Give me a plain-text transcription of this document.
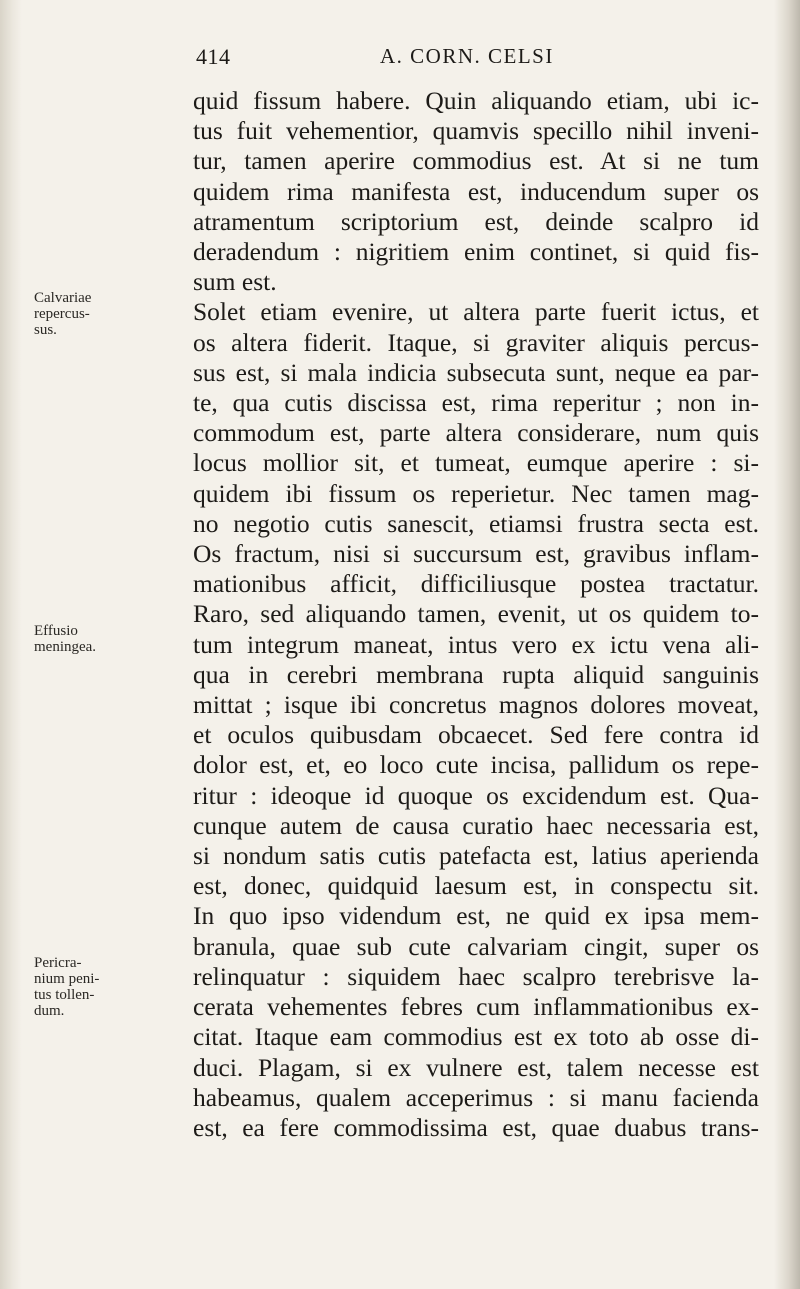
414	A. CORN. CELSI
quid fissum habere. Quin aliquando etiam, ubi ic-
tus fuit vehementior, quamvis specillo nihil inveni-
tur, tamen aperire commodius est. At si ne tum
quidem rima manifesta est, inducendum super os
atramentum scriptorium est, deinde scalpro id
deradendum : nigritiem enim continet, si quid fis-
sum est.
Solet etiam evenire, ut altera parte fuerit ictus, et
os altera fiderit. Itaque, si graviter aliquis percus-
sus est, si mala indicia subsecuta sunt, neque ea par-
te, qua cutis discissa est, rima reperitur ; non in-
commodum est, parte altera considerare, num quis
locus mollior sit, et tumeat, eumque aperire : si-
quidem ibi fissum os reperietur. Nec tamen mag-
no negotio cutis sanescit, etiamsi frustra secta est.
Os fractum, nisi si succursum est, gravibus inflam-
mationibus afficit, difficiliusque postea tractatur.
Raro, sed aliquando tamen, evenit, ut os quidem to-
tum integrum maneat, intus vero ex ictu vena ali-
qua in cerebri membrana rupta aliquid sanguinis
mittat ; isque ibi concretus magnos dolores moveat,
et oculos quibusdam obcaecet. Sed fere contra id
dolor est, et, eo loco cute incisa, pallidum os repe-
ritur : ideoque id quoque os excidendum est. Qua-
cunque autem de causa curatio haec necessaria est,
si nondum satis cutis patefacta est, latius aperienda
est, donec, quidquid laesum est, in conspectu sit.
In quo ipso videndum est, ne quid ex ipsa mem-
branula, quae sub cute calvariam cingit, super os
relinquatur : siquidem haec scalpro terebrisve la-
cerata vehementes febres cum inflammationibus ex-
citat. Itaque eam commodius est ex toto ab osse di-
duci. Plagam, si ex vulnere est, talem necesse est
habeamus, qualem acceperimus : si manu facienda
est, ea fere commodissima est, quae duabus trans-
Calvariae
repercus-
sus.
Effusio
meningea.
Pericra-
nium peni-
tus tollen-
dum.
